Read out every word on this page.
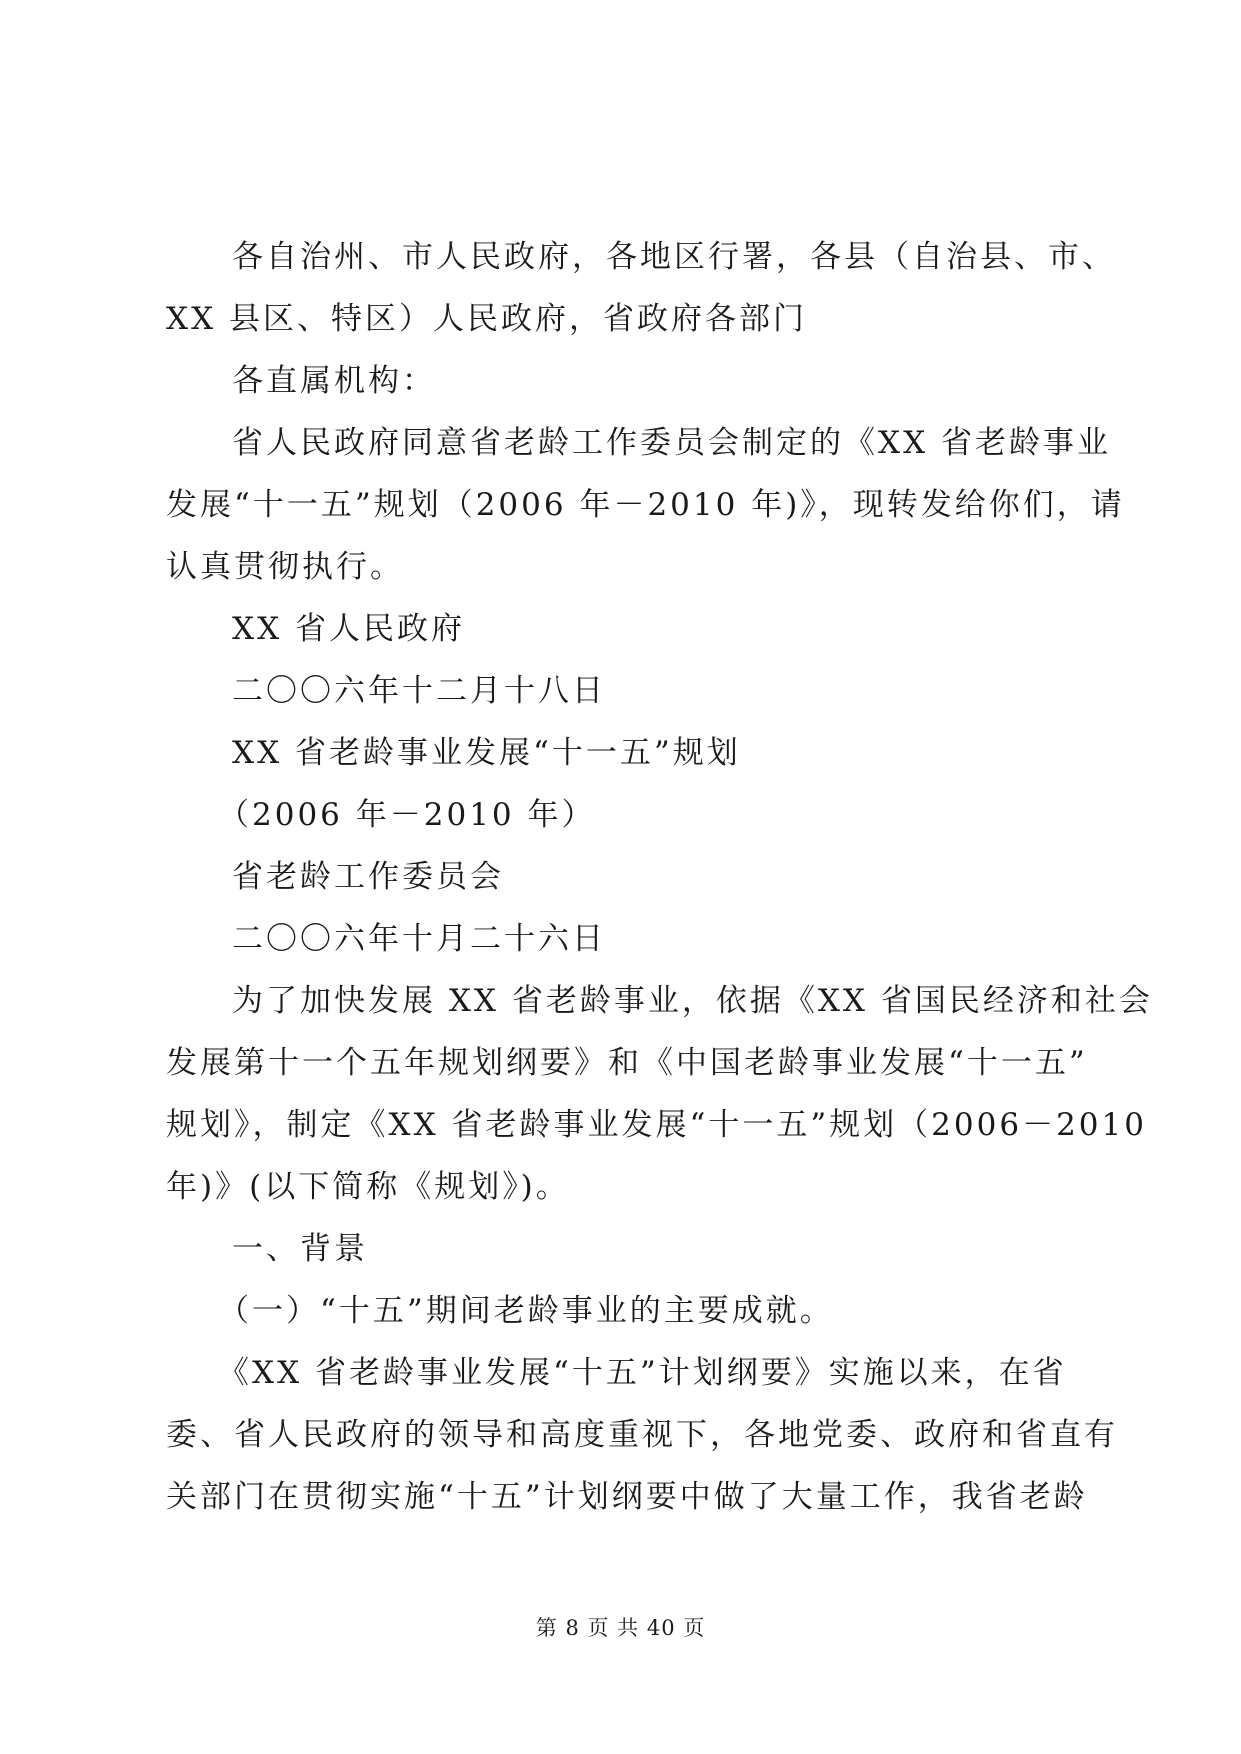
各自治州、市人民政府，各地区行署，各县（自治县、市、
XX 县区、特区）人民政府，省政府各部门

各直属机构：

省人民政府同意省老龄工作委员会制定的《XX 省老龄事业
发展“十一五”规划（2006 年－2010 年)》，现转发给你们，请
认真贯彻执行。

XX 省人民政府

二〇〇六年十二月十八日

XX 省老龄事业发展“十一五”规划

（2006 年－2010 年）

省老龄工作委员会

二〇〇六年十月二十六日

为了加快发展 XX 省老龄事业，依据《XX 省国民经济和社会
发展第十一个五年规划纲要》和《中国老龄事业发展“十一五”
规划》，制定《XX 省老龄事业发展“十一五”规划（2006－2010
年)》(以下简称《规划》)。

一、背景

（一）“十五”期间老龄事业的主要成就。

《XX 省老龄事业发展“十五”计划纲要》实施以来，在省
委、省人民政府的领导和高度重视下，各地党委、政府和省直有
关部门在贯彻实施“十五”计划纲要中做了大量工作，我省老龄

第 8 页 共 40 页
